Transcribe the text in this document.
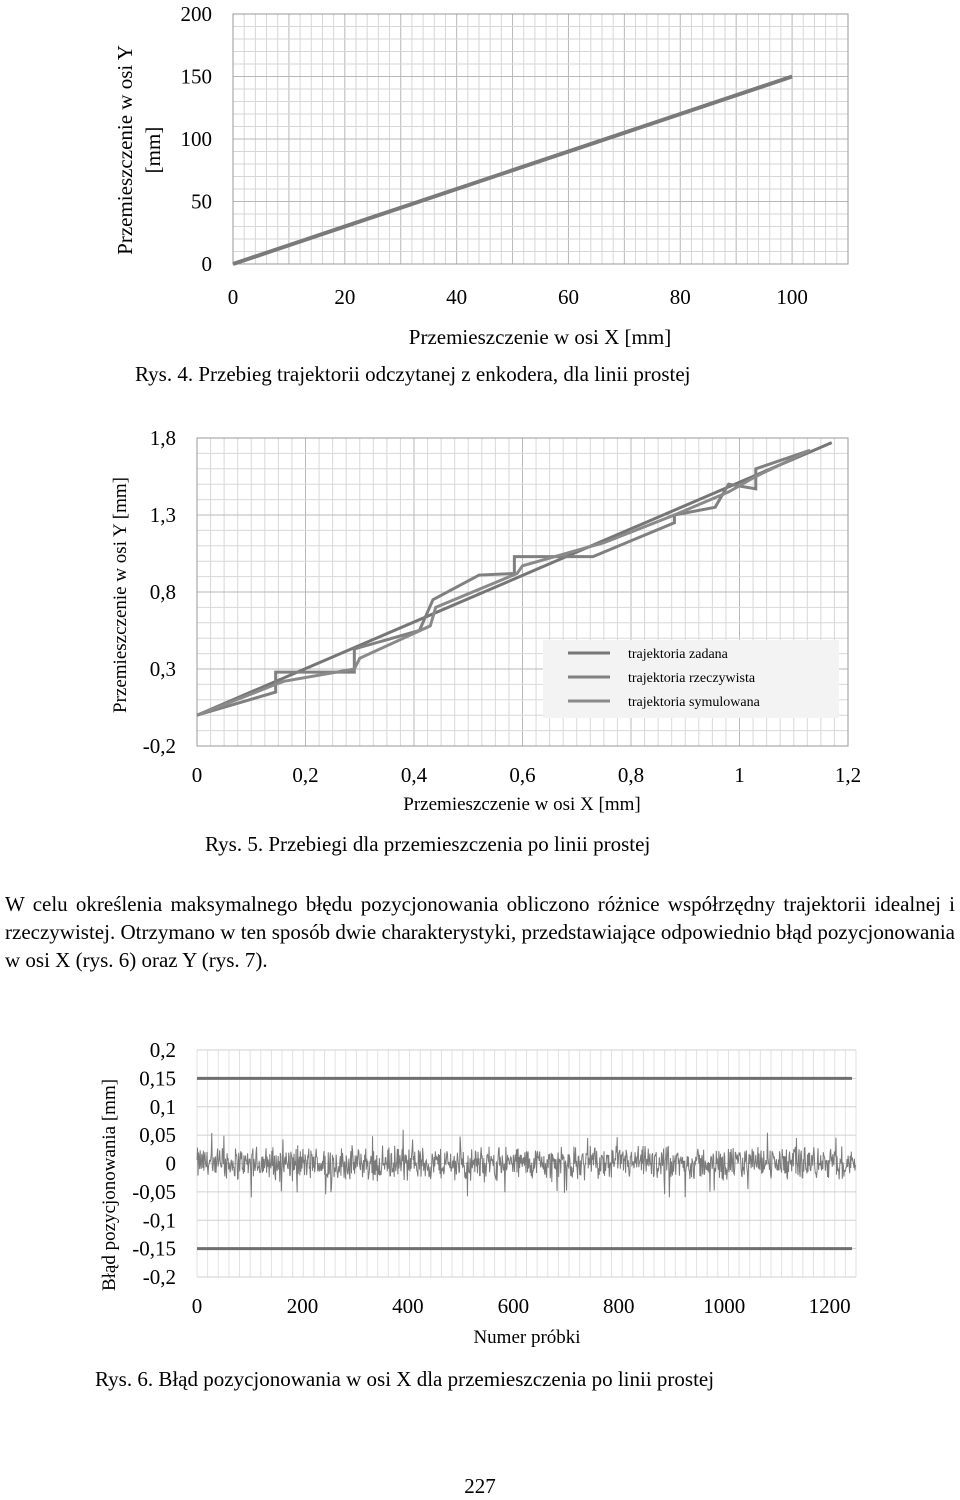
0	20	40	60	80	100
0
50
100
150
200
Przemieszczenie w osi X [mm]
Przemieszczenie w osi Y [mm]
Rys. 4. Przebieg trajektorii odczytanej z enkodera, dla linii prostej
0	0,2	0,4	0,6	0,8	1	1,2
-0,2
0,3
0,8
1,3
1,8
trajektoria zadana
trajektoria rzeczywista
trajektoria symulowana
Przemieszczenie w osi X [mm]
Przemieszczenie w osi Y [mm]
Rys. 5. Przebiegi dla przemieszczenia po linii prostej
W celu określenia maksymalnego błędu pozycjonowania obliczono różnice współrzędny trajektorii idealnej i rzeczywistej. Otrzymano w ten sposób dwie charakterystyki, przedstawiające odpowiednio błąd pozycjonowania w osi X (rys. 6) oraz Y (rys. 7).
0	200	400	600	800	1000	1200
0,2
0,15
0,1
0,05
0
-0,05
-0,1
-0,15
-0,2
Numer próbki
Błąd pozycjonowania [mm]
Rys. 6. Błąd pozycjonowania w osi X dla przemieszczenia po linii prostej
227
